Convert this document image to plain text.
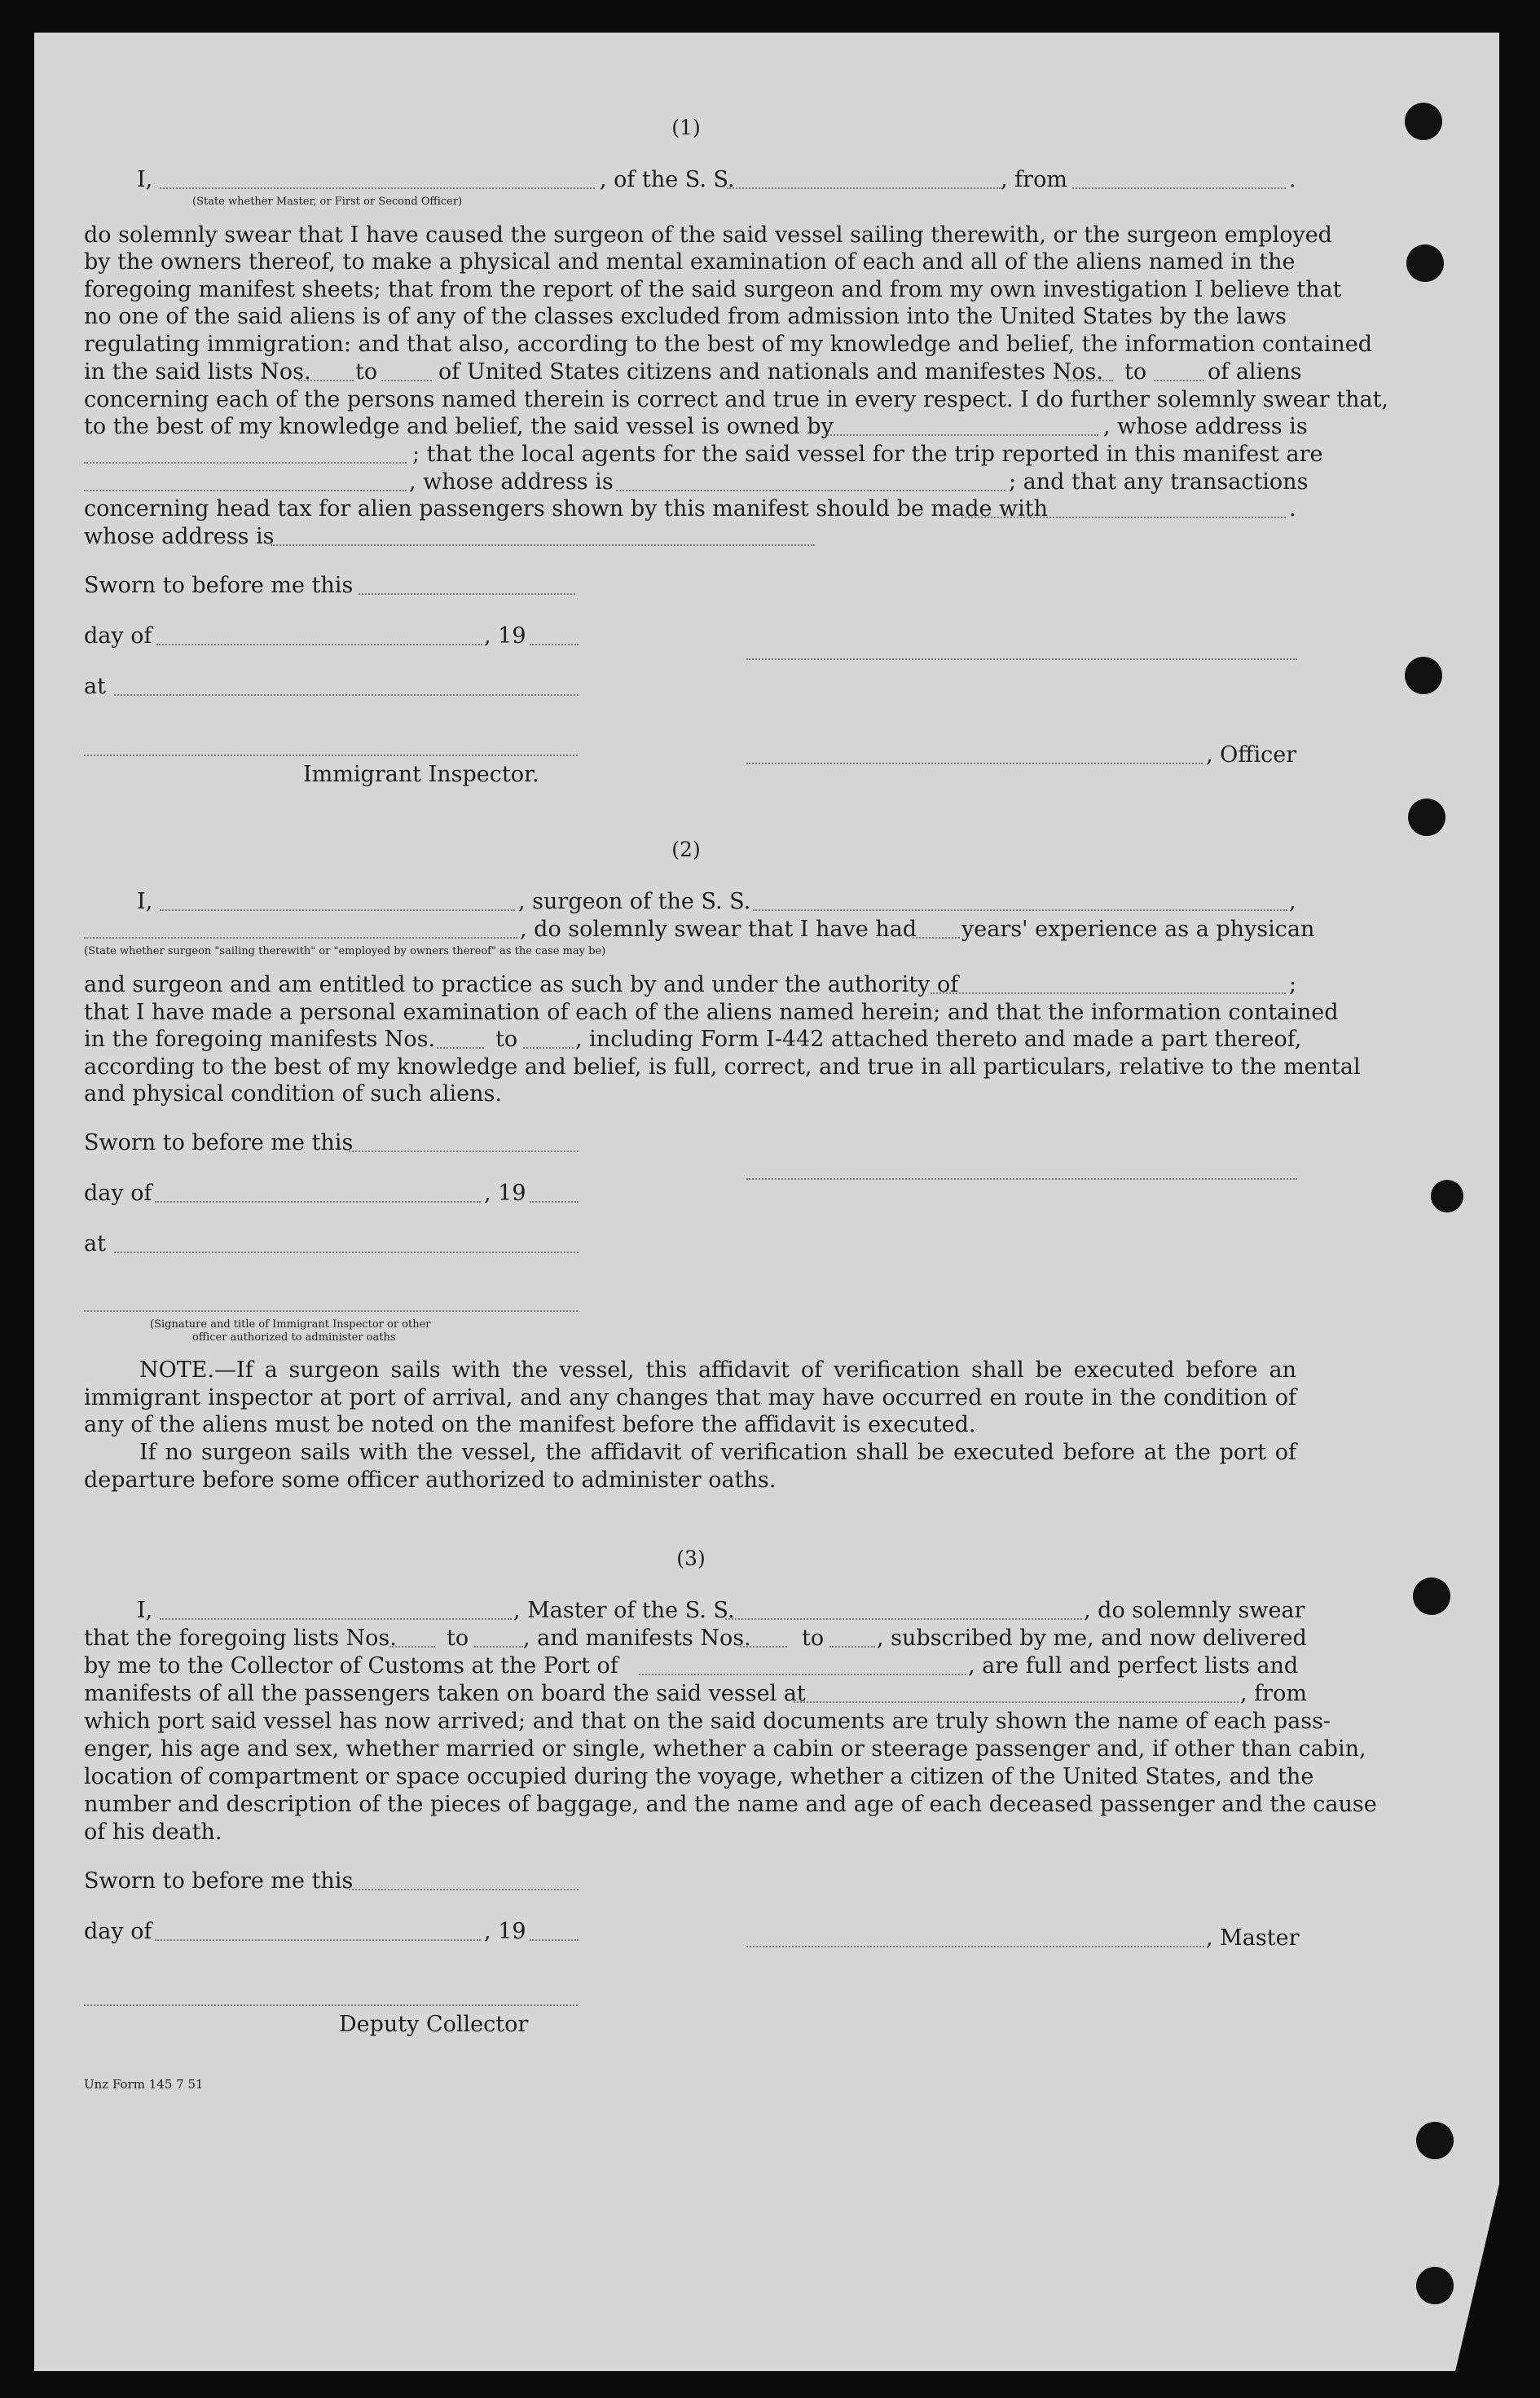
(1)
I,	, of the S. S.	, from	.
(State whether Master, or First or Second Officer)
do solemnly swear that I have caused the surgeon of the said vessel sailing therewith, or the surgeon employed
by the owners thereof, to make a physical and mental examination of each and all of the aliens named in the
foregoing manifest sheets; that from the report of the said surgeon and from my own investigation I believe that
no one of the said aliens is of any of the classes excluded from admission into the United States by the laws
regulating immigration: and that also, according to the best of my knowledge and belief, the information contained
in the said lists Nos. to	of United States citizens and nationals and manifestes Nos. to	of aliens
concerning each of the persons named therein is correct and true in every respect. I do further solemnly swear that,
to the best of my knowledge and belief, the said vessel is owned by	, whose address is
; that the local agents for the said vessel for the trip reported in this manifest are
, whose address is	; and that any transactions
concerning head tax for alien passengers shown by this manifest should be made with	.
whose address is
Sworn to before me this
day of	, 19
at
, Officer
Immigrant Inspector.
(2)
I,	, surgeon of the S. S.	,
, do solemnly swear that I have had years' experience as a physican
(State whether surgeon "sailing therewith" or "employed by owners thereof" as the case may be)
and surgeon and am entitled to practice as such by and under the authority of	;
that I have made a personal examination of each of the aliens named herein; and that the information contained
in the foregoing manifests Nos.	to	, including Form I-442 attached thereto and made a part thereof,
according to the best of my knowledge and belief, is full, correct, and true in all particulars, relative to the mental
and physical condition of such aliens.
Sworn to before me this
day of	, 19
at
(Signature and title of Immigrant Inspector or other
officer authorized to administer oaths
NOTE.—If a surgeon sails with the vessel, this affidavit of verification shall be executed before an immigrant inspector at port of arrival, and any changes that may have occurred en route in the condition of any of the aliens must be noted on the manifest before the affidavit is executed.
If no surgeon sails with the vessel, the affidavit of verification shall be executed before at the port of departure before some officer authorized to administer oaths.
(3)
I,	, Master of the S. S.	, do solemnly swear
that the foregoing lists Nos. to , and manifests Nos. to , subscribed by me, and now delivered
by me to the Collector of Customs at the Port of	, are full and perfect lists and
manifests of all the passengers taken on board the said vessel at	, from
which port said vessel has now arrived; and that on the said documents are truly shown the name of each pass-
enger, his age and sex, whether married or single, whether a cabin or steerage passenger and, if other than cabin,
location of compartment or space occupied during the voyage, whether a citizen of the United States, and the
number and description of the pieces of baggage, and the name and age of each deceased passenger and the cause
of his death.
Sworn to before me this
day of	, 19	, Master
Deputy Collector
Unz Form 145 7 51
